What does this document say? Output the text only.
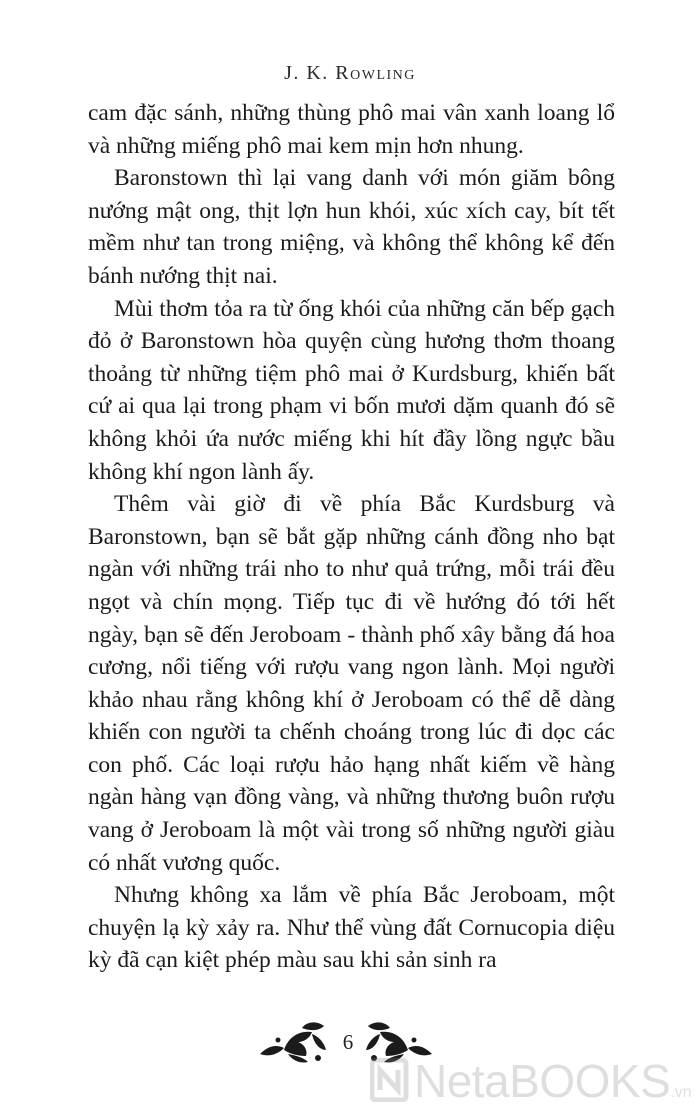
J. K. Rowling

cam đặc sánh, những thùng phô mai vân xanh loang lổ và những miếng phô mai kem mịn hơn nhung.

Baronstown thì lại vang danh với món giăm bông nướng mật ong, thịt lợn hun khói, xúc xích cay, bít tết mềm như tan trong miệng, và không thể không kể đến bánh nướng thịt nai.

Mùi thơm tỏa ra từ ống khói của những căn bếp gạch đỏ ở Baronstown hòa quyện cùng hương thơm thoang thoảng từ những tiệm phô mai ở Kurdsburg, khiến bất cứ ai qua lại trong phạm vi bốn mươi dặm quanh đó sẽ không khỏi ứa nước miếng khi hít đầy lồng ngực bầu không khí ngon lành ấy.

Thêm vài giờ đi về phía Bắc Kurdsburg và Baronstown, bạn sẽ bắt gặp những cánh đồng nho bạt ngàn với những trái nho to như quả trứng, mỗi trái đều ngọt và chín mọng. Tiếp tục đi về hướng đó tới hết ngày, bạn sẽ đến Jeroboam - thành phố xây bằng đá hoa cương, nổi tiếng với rượu vang ngon lành. Mọi người khảo nhau rằng không khí ở Jeroboam có thể dễ dàng khiến con người ta chếnh choáng trong lúc đi dọc các con phố. Các loại rượu hảo hạng nhất kiếm về hàng ngàn hàng vạn đồng vàng, và những thương buôn rượu vang ở Jeroboam là một vài trong số những người giàu có nhất vương quốc.

Nhưng không xa lắm về phía Bắc Jeroboam, một chuyện lạ kỳ xảy ra. Như thể vùng đất Cornucopia diệu kỳ đã cạn kiệt phép màu sau khi sản sinh ra

6
NetaBOOKS.vn
